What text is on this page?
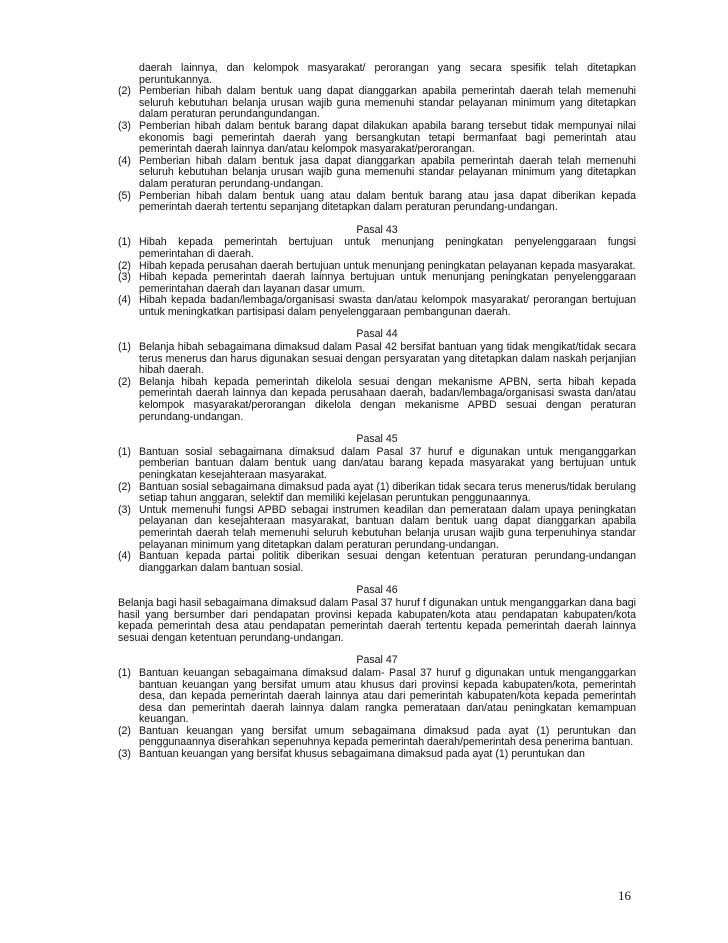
daerah lainnya, dan kelompok masyarakat/ perorangan yang secara spesifik telah ditetapkan peruntukannya.
(2) Pemberian hibah dalam bentuk uang dapat dianggarkan apabila pemerintah daerah telah memenuhi seluruh kebutuhan belanja urusan wajib guna memenuhi standar pelayanan minimum yang ditetapkan dalam peraturan perundangundangan.
(3) Pemberian hibah dalam bentuk barang dapat dilakukan apabila barang tersebut tidak mempunyai nilai ekonomis bagi pemerintah daerah yang bersangkutan tetapi bermanfaat bagi pemerintah atau pemerintah daerah lainnya dan/atau kelompok masyarakat/perorangan.
(4) Pemberian hibah dalam bentuk jasa dapat dianggarkan apabila pemerintah daerah telah memenuhi seluruh kebutuhan belanja urusan wajib guna memenuhi standar pelayanan minimum yang ditetapkan dalam peraturan perundang-undangan.
(5) Pemberian hibah dalam bentuk uang atau dalam bentuk barang atau jasa dapat diberikan kepada pemerintah daerah tertentu sepanjang ditetapkan dalam peraturan perundang-undangan.
Pasal 43
(1) Hibah kepada pemerintah bertujuan untuk menunjang peningkatan penyelenggaraan fungsi pemerintahan di daerah.
(2) Hibah kepada perusahan daerah bertujuan untuk menunjang peningkatan pelayanan kepada masyarakat.
(3) Hibah kepada pemerintah daerah lainnya bertujuan untuk menunjang peningkatan penyelenggaraan pemerintahan daerah dan layanan dasar umum.
(4) Hibah kepada badan/lembaga/organisasi swasta dan/atau kelompok masyarakat/ perorangan bertujuan untuk meningkatkan partisipasi dalam penyelenggaraan pembangunan daerah.
Pasal 44
(1) Belanja hibah sebagaimana dimaksud dalam Pasal 42 bersifat bantuan yang tidak mengikat/tidak secara terus menerus dan harus digunakan sesuai dengan persyaratan yang ditetapkan dalam naskah perjanjian hibah daerah.
(2) Belanja hibah kepada pemerintah dikelola sesuai dengan mekanisme APBN, serta hibah kepada pemerintah daerah lainnya dan kepada perusahaan daerah, badan/lembaga/organisasi swasta dan/atau kelompok masyarakat/perorangan dikelola dengan mekanisme APBD sesuai dengan peraturan perundang-undangan.
Pasal 45
(1) Bantuan sosial sebagaimana dimaksud dalam Pasal 37 huruf e digunakan untuk menganggarkan pemberian bantuan dalam bentuk uang dan/atau barang kepada masyarakat yang bertujuan untuk peningkatan kesejahteraan masyarakat.
(2) Bantuan sosial sebagaimana dimaksud pada ayat (1) diberikan tidak secara terus menerus/tidak berulang setiap tahun anggaran, selektif dan memiliki kejelasan peruntukan penggunaannya.
(3) Untuk memenuhi fungsi APBD sebagai instrumen keadilan dan pemerataan dalam upaya peningkatan pelayanan dan kesejahteraan masyarakat, bantuan dalam bentuk uang dapat dianggarkan apabila pemerintah daerah telah memenuhi seluruh kebutuhan belanja urusan wajib guna terpenuhinya standar pelayanan minimum yang ditetapkan dalam peraturan perundang-undangan.
(4) Bantuan kepada partai politik diberikan sesuai dengan ketentuan peraturan perundang-undangan dianggarkan dalam bantuan sosial.
Pasal 46
Belanja bagi hasil sebagaimana dimaksud dalam Pasal 37 huruf f digunakan untuk menganggarkan dana bagi hasil yang bersumber dari pendapatan provinsi kepada kabupaten/kota atau pendapatan kabupaten/kota kepada pemerintah desa atau pendapatan pemerintah daerah tertentu kepada pemerintah daerah lainnya sesuai dengan ketentuan perundang-undangan.
Pasal 47
(1) Bantuan keuangan sebagaimana dimaksud dalam- Pasal 37 huruf g digunakan untuk menganggarkan bantuan keuangan yang bersifat umum atau khusus dari provinsi kepada kabupaten/kota, pemerintah desa, dan kepada pemerintah daerah lainnya atau dari pemerintah kabupaten/kota kepada pemerintah desa dan pemerintah daerah lainnya dalam rangka pemerataan dan/atau peningkatan kemampuan keuangan.
(2) Bantuan keuangan yang bersifat umum sebagaimana dimaksud pada ayat (1) peruntukan dan penggunaannya diserahkan sepenuhnya kepada pemerintah daerah/pemerintah desa penerima bantuan.
(3) Bantuan keuangan yang bersifat khusus sebagaimana dimaksud pada ayat (1) peruntukan dan
16
